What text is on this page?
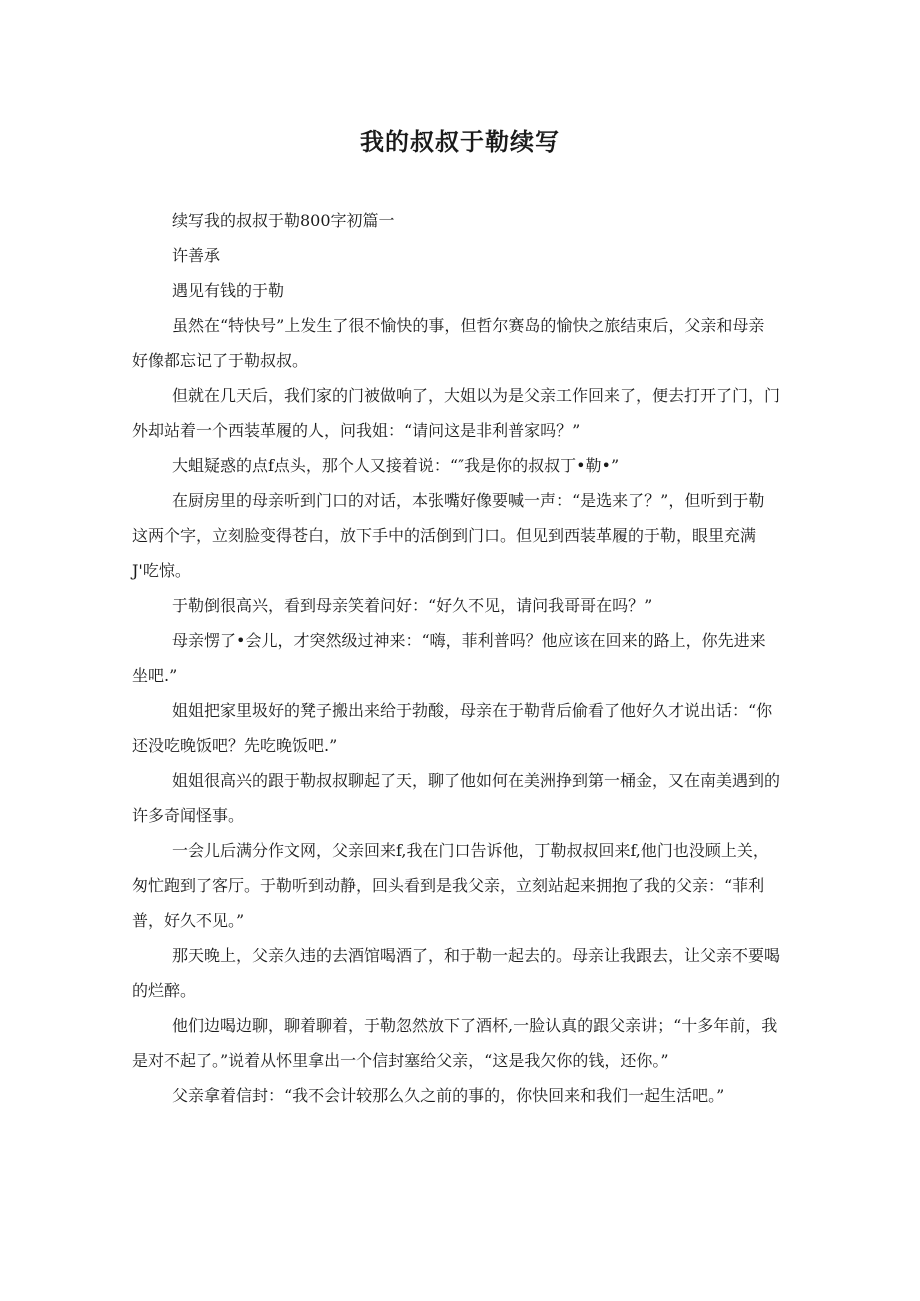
我的叔叔于勒续写

续写我的叔叔于勒800字初篇一

许善承

遇见有钱的于勒

虽然在“特快号”上发生了很不愉快的事，但哲尔赛岛的愉快之旅结束后，父亲和母亲好像都忘记了于勒叔叔。

但就在几天后，我们家的门被做响了，大姐以为是父亲工作回来了，便去打开了门，门外却站着一个西装革履的人，问我姐：“请问这是非利普家吗？”

大蛆疑惑的点f点头，那个人又接着说：“″我是你的叔叔丁•勒•”

在厨房里的母亲听到门口的对话，本张嘴好像要喊一声：“是选来了？”，但听到于勒这两个字，立刻脸变得苍白，放下手中的活倒到门口。但见到西装革履的于勒，眼里充满J'吃惊。

于勒倒很高兴，看到母亲笑着问好：“好久不见，请问我哥哥在吗？”

母亲愣了•会儿，才突然级过神来：“嗨，菲利普吗？他应该在回来的路上，你先进来坐吧.”

姐姐把家里圾好的凳子搬出来给于勃酸，母亲在于勒背后偷看了他好久才说出话：“你还没吃晚饭吧？先吃晚饭吧.”

姐姐很高兴的跟于勒叔叔聊起了天，聊了他如何在美洲挣到第一桶金，又在南美遇到的许多奇闻怪事。

一会儿后满分作文网，父亲回来f,我在门口告诉他，丁勒叔叔回来f,他门也没顾上关，匆忙跑到了客厅。于勒听到动静，回头看到是我父亲，立刻站起来拥抱了我的父亲：“菲利普，好久不见。”

那天晚上，父亲久违的去酒馆喝酒了，和于勒一起去的。母亲让我跟去，让父亲不要喝的烂醉。

他们边喝边聊，聊着聊着，于勒忽然放下了酒杯,一脸认真的跟父亲讲；“十多年前，我是对不起了。”说着从怀里拿出一个信封塞给父亲，“这是我欠你的钱，还你。”

父亲拿着信封：“我不会计较那么久之前的事的，你快回来和我们一起生活吧。”
